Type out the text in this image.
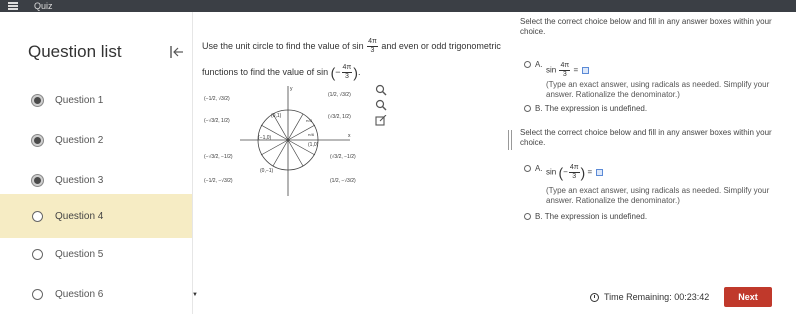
Quiz
Question list
Question 1
Question 2
Question 3
Question 4
Question 5
Question 6	▼
Use the unit circle to find the value of $\sin \frac{4\pi}{3}$ and even or odd trigonometric
functions to find the value of sin (− $\frac{4\pi}{3}$ ).
y
x
π/3
π/6
(0,1)
(−1,0)
(1,0)
(0,−1)
(−1/2, √3/2)
(1/2, √3/2)
(−√3/2, 1/2)
(√3/2, 1/2)
(−√3/2, −1/2)	(√3/2, −1/2)
(−1/2, −√3/2)	(1/2, −√3/2)
Select the correct choice below and fill in any answer boxes within your choice.
A.
$\sin \frac{4\pi}{3}$ =
(Type an exact answer, using radicals as needed. Simplify your answer. Rationalize the denominator.)
B.
The expression is undefined.
Select the correct choice below and fill in any answer boxes within your choice.
A. sin (− $\frac{4\pi}{3}$ ) =
(Type an exact answer, using radicals as needed. Simplify your answer. Rationalize the denominator.)
B.
The expression is undefined.
Time Remaining:
00:23:42	Next
